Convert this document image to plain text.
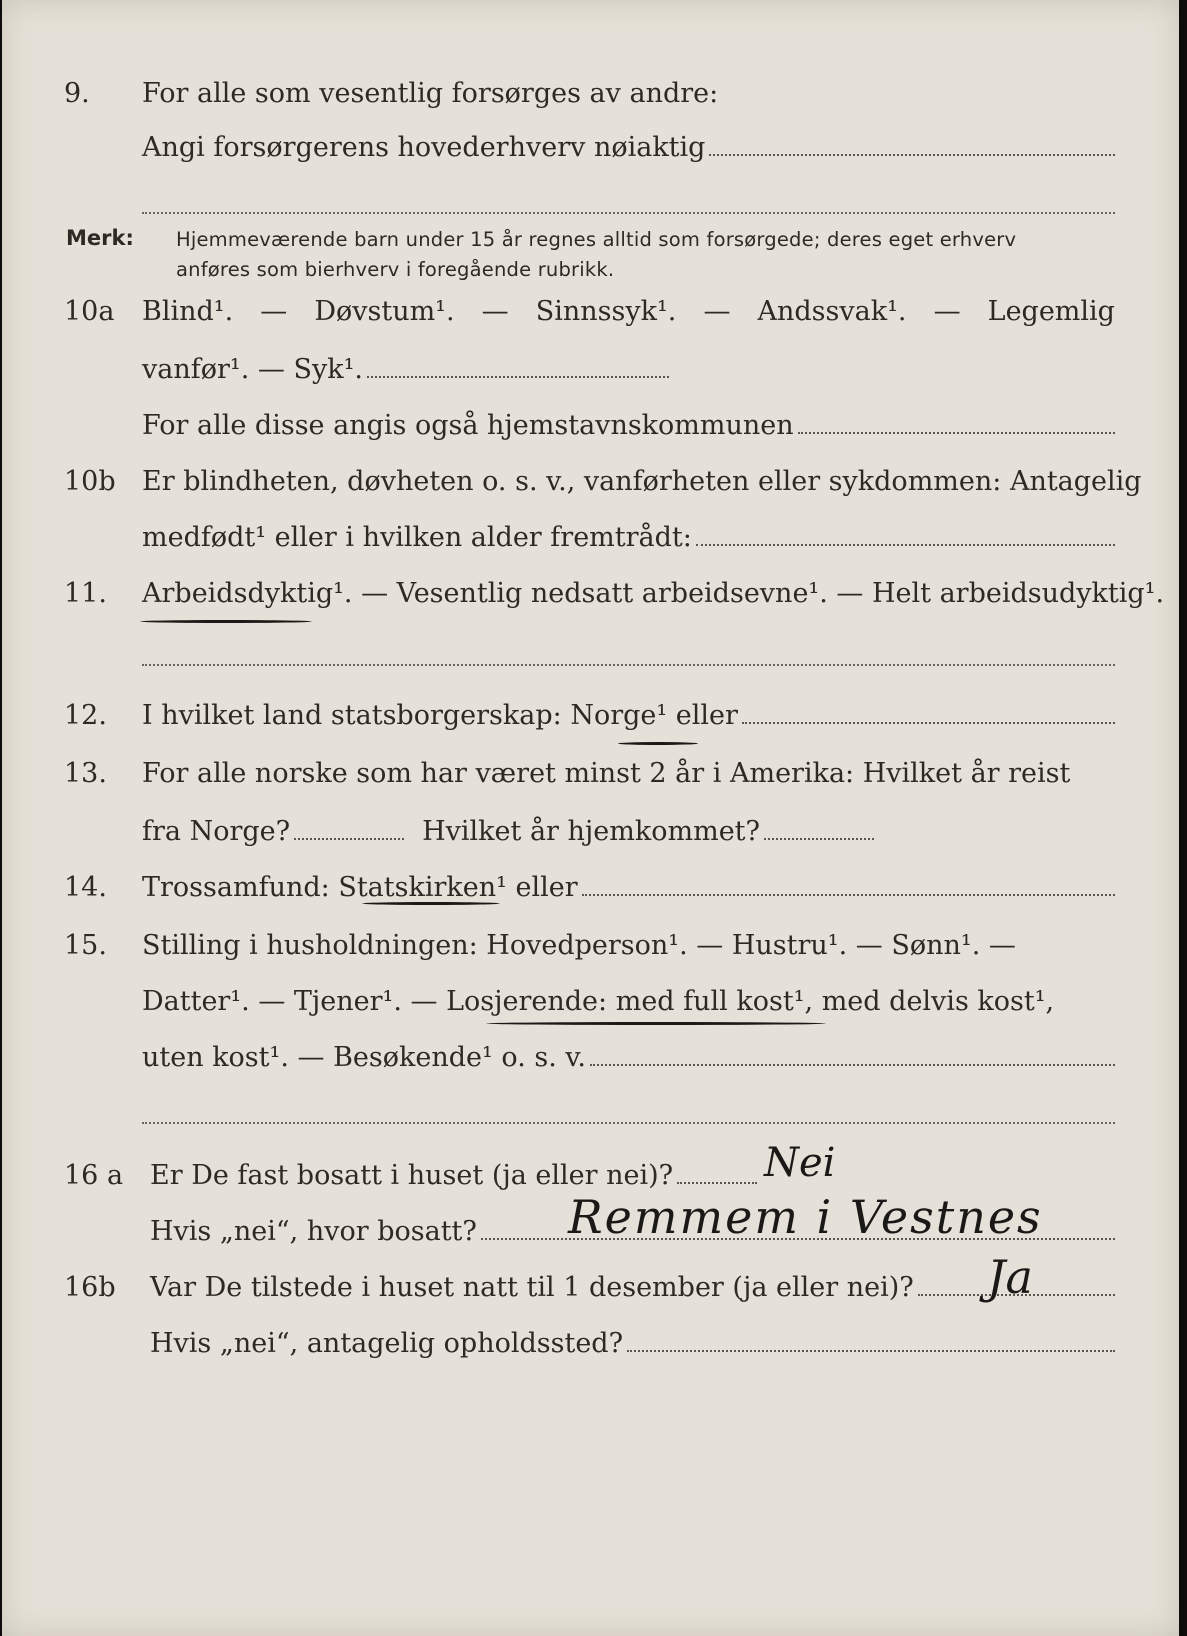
9.	For alle som vesentlig forsørges av andre:
Angi forsørgerens hovederhverv nøiaktig
Merk: Hjemmeværende barn under 15 år regnes alltid som forsørgede; deres eget erhverv
anføres som bierhverv i foregående rubrikk.
10a	Blind¹. — Døvstum¹. — Sinnssyk¹. — Andssvak¹. — Legemlig
vanfør¹. — Syk¹.
For alle disse angis også hjemstavnskommunen
10b Er blindheten, døvheten o. s. v., vanførheten eller sykdommen: Antagelig
medfødt¹ eller i hvilken alder fremtrådt:
11.	Arbeidsdyktig¹. — Vesentlig nedsatt arbeidsevne¹. — Helt arbeidsudyktig¹.
12.	I hvilket land statsborgerskap: Norge¹ eller
13.	For alle norske som har været minst 2 år i Amerika: Hvilket år reist
fra Norge?	Hvilket år hjemkommet?
14.	Trossamfund: Statskirken¹ eller
15.	Stilling i husholdningen: Hovedperson¹. — Hustru¹. — Sønn¹. —
Datter¹. — Tjener¹. — Losjerende: med full kost¹, med delvis kost¹,
uten kost¹. — Besøkende¹ o. s. v.
16 a Er De fast bosatt i huset (ja eller nei)? Nei
Hvis „nei“, hvor bosatt? Remmem i Vestnes
16b	Var De tilstede i huset natt til 1 desember (ja eller nei)? Ja
Hvis „nei“, antagelig opholdssted?
